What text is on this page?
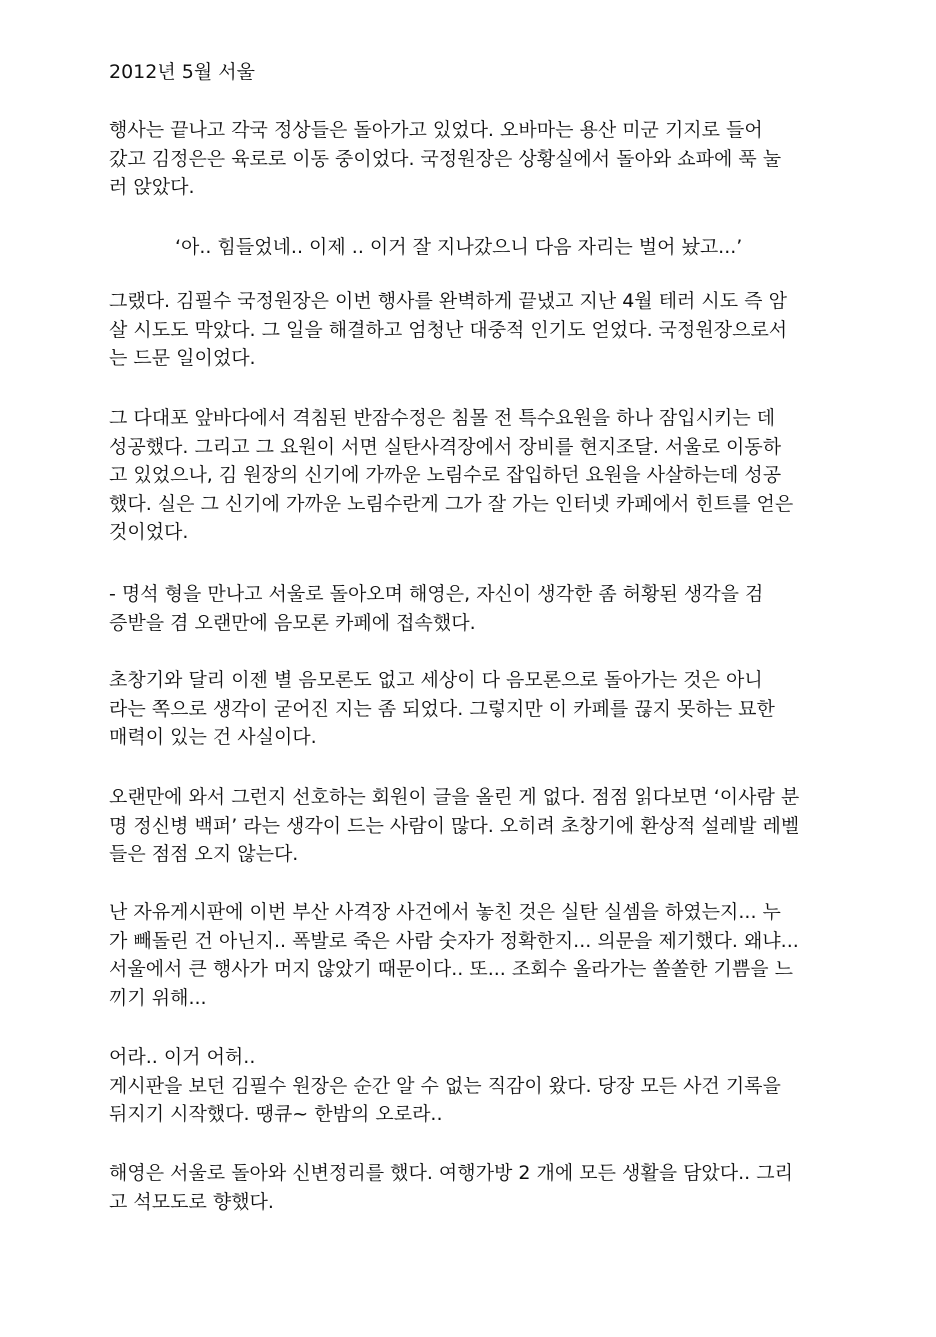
2012년 5월 서울

행사는 끝나고 각국 정상들은 돌아가고 있었다. 오바마는 용산 미군 기지로 들어
갔고 김정은은 육로로 이동 중이었다. 국정원장은 상황실에서 돌아와 쇼파에 푹 눌
러 앉았다.

‘아.. 힘들었네.. 이제 .. 이거 잘 지나갔으니 다음 자리는 벌어 놨고...’

그랬다. 김필수 국정원장은 이번 행사를 완벽하게 끝냈고 지난 4월 테러 시도 즉 암
살 시도도 막았다. 그 일을 해결하고 엄청난 대중적 인기도 얻었다. 국정원장으로서
는 드문 일이었다.

그 다대포 앞바다에서 격침된 반잠수정은 침몰 전 특수요원을 하나 잠입시키는 데
성공했다. 그리고 그 요원이 서면 실탄사격장에서 장비를 현지조달. 서울로 이동하
고 있었으나, 김 원장의 신기에 가까운 노림수로 잡입하던 요원을 사살하는데 성공
했다. 실은 그 신기에 가까운 노림수란게 그가 잘 가는 인터넷 카페에서 힌트를 얻은
것이었다.

- 명석 형을 만나고 서울로 돌아오며 해영은, 자신이 생각한 좀 허황된 생각을 검
증받을 겸 오랜만에 음모론 카페에 접속했다.

초창기와 달리 이젠 별 음모론도 없고 세상이 다 음모론으로 돌아가는 것은 아니
라는 쪽으로 생각이 굳어진 지는 좀 되었다. 그렇지만 이 카페를 끊지 못하는 묘한
매력이 있는 건 사실이다.

오랜만에 와서 그런지 선호하는 회원이 글을 올린 게 없다. 점점 읽다보면 ‘이사람 분
명 정신병 백퍼’ 라는 생각이 드는 사람이 많다. 오히려 초창기에 환상적 설레발 레벨
들은 점점 오지 않는다.

난 자유게시판에 이번 부산 사격장 사건에서 놓친 것은 실탄 실셈을 하였는지... 누
가 빼돌린 건 아닌지.. 폭발로 죽은 사람 숫자가 정확한지... 의문을 제기했다. 왜냐...
서울에서 큰 행사가 머지 않았기 때문이다.. 또... 조회수 올라가는 쏠쏠한 기쁨을 느
끼기 위해...

어라.. 이거 어허..
게시판을 보던 김필수 원장은 순간 알 수 없는 직감이 왔다. 당장 모든 사건 기록을
뒤지기 시작했다. 땡큐~ 한밤의 오로라..

해영은 서울로 돌아와 신변정리를 했다. 여행가방 2 개에 모든 생활을 담았다.. 그리
고 석모도로 향했다.
